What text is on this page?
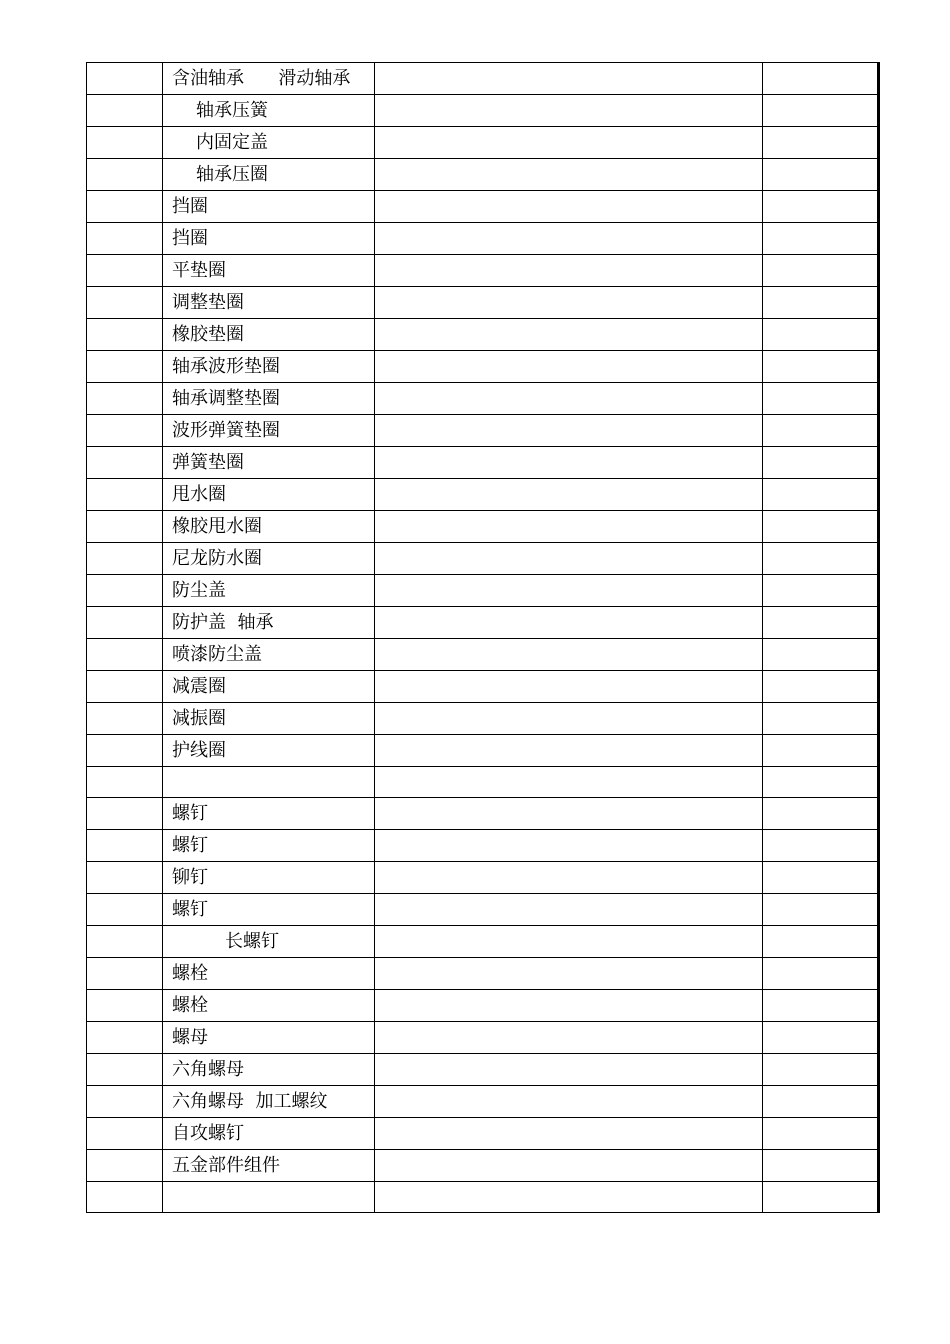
	含油轴承      滑动轴承		
	轴承压簧		
	内固定盖		
	轴承压圈		
	挡圈		
	挡圈		
	平垫圈		
	调整垫圈		
	橡胶垫圈		
	轴承波形垫圈		
	轴承调整垫圈		
	波形弹簧垫圈		
	弹簧垫圈		
	甩水圈		
	橡胶甩水圈		
	尼龙防水圈		
	防尘盖		
	防护盖  轴承		
	喷漆防尘盖		
	减震圈		
	减振圈		
	护线圈		

	螺钉		
	螺钉		
	铆钉		
	螺钉		
	长螺钉		
	螺栓		
	螺栓		
	螺母		
	六角螺母		
	六角螺母  加工螺纹		
	自攻螺钉		
	五金部件组件		
